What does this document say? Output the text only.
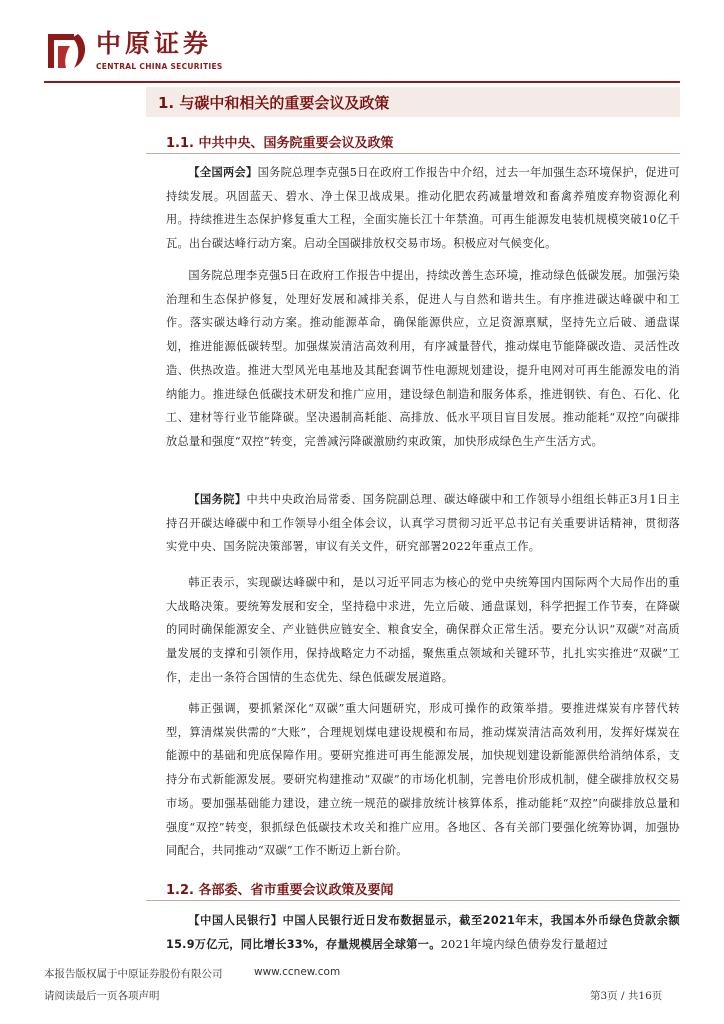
中原证券
CENTRAL CHINA SECURITIES
1. 与碳中和相关的重要会议及政策
1.1. 中共中央、国务院重要会议及政策
【全国两会】国务院总理李克强5日在政府工作报告中介绍，过去一年加强生态环境保护，促进可持续发展。巩固蓝天、碧水、净土保卫战成果。推动化肥农药减量增效和畜禽养殖废弃物资源化利用。持续推进生态保护修复重大工程，全面实施长江十年禁渔。可再生能源发电装机规模突破10亿千瓦。出台碳达峰行动方案。启动全国碳排放权交易市场。积极应对气候变化。
国务院总理李克强5日在政府工作报告中提出，持续改善生态环境，推动绿色低碳发展。加强污染治理和生态保护修复，处理好发展和减排关系，促进人与自然和谐共生。有序推进碳达峰碳中和工作。落实碳达峰行动方案。推动能源革命，确保能源供应，立足资源禀赋，坚持先立后破、通盘谋划，推进能源低碳转型。加强煤炭清洁高效利用，有序减量替代，推动煤电节能降碳改造、灵活性改造、供热改造。推进大型风光电基地及其配套调节性电源规划建设，提升电网对可再生能源发电的消纳能力。推进绿色低碳技术研发和推广应用，建设绿色制造和服务体系，推进钢铁、有色、石化、化工、建材等行业节能降碳。坚决遏制高耗能、高排放、低水平项目盲目发展。推动能耗“双控”向碳排放总量和强度“双控”转变，完善减污降碳激励约束政策，加快形成绿色生产生活方式。
【国务院】中共中央政治局常委、国务院副总理、碳达峰碳中和工作领导小组组长韩正3月1日主持召开碳达峰碳中和工作领导小组全体会议，认真学习贯彻习近平总书记有关重要讲话精神，贯彻落实党中央、国务院决策部署，审议有关文件，研究部署2022年重点工作。
韩正表示，实现碳达峰碳中和，是以习近平同志为核心的党中央统筹国内国际两个大局作出的重大战略决策。要统筹发展和安全，坚持稳中求进，先立后破、通盘谋划，科学把握工作节奏，在降碳的同时确保能源安全、产业链供应链安全、粮食安全，确保群众正常生活。要充分认识“双碳”对高质量发展的支撑和引领作用，保持战略定力不动摇，聚焦重点领域和关键环节，扎扎实实推进“双碳”工作，走出一条符合国情的生态优先、绿色低碳发展道路。
韩正强调，要抓紧深化“双碳”重大问题研究，形成可操作的政策举措。要推进煤炭有序替代转型，算清煤炭供需的“大账”，合理规划煤电建设规模和布局，推动煤炭清洁高效利用，发挥好煤炭在能源中的基础和兜底保障作用。要研究推进可再生能源发展，加快规划建设新能源供给消纳体系，支持分布式新能源发展。要研究构建推动“双碳”的市场化机制，完善电价形成机制，健全碳排放权交易市场。要加强基础能力建设，建立统一规范的碳排放统计核算体系，推动能耗“双控”向碳排放总量和强度“双控”转变，狠抓绿色低碳技术攻关和推广应用。各地区、各有关部门要强化统筹协调，加强协同配合，共同推动“双碳”工作不断迈上新台阶。
1.2. 各部委、省市重要会议政策及要闻
【中国人民银行】中国人民银行近日发布数据显示，截至2021年末，我国本外币绿色贷款余额15.9万亿元，同比增长33%，存量规模居全球第一。2021年境内绿色债券发行量超过
本报告版权属于中原证券股份有限公司	www.ccnew.com
请阅读最后一页各项声明	第3页 / 共16页
